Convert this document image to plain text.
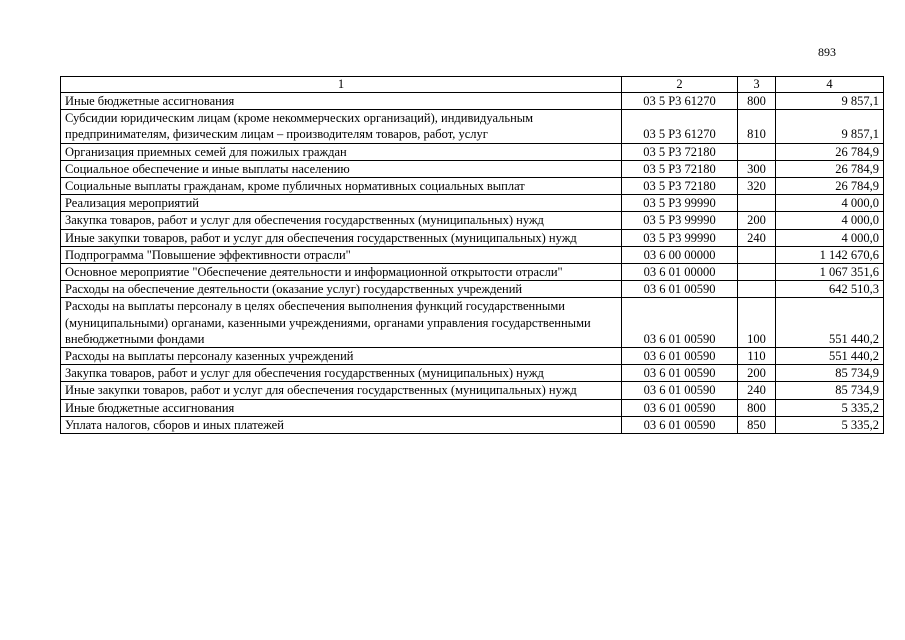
893
1	2	3	4
Иные бюджетные ассигнования	03 5 Р3 61270	800	9 857,1
Субсидии юридическим лицам (кроме некоммерческих организаций), индивидуальным предпринимателям, физическим лицам – производителям товаров, работ, услуг	03 5 Р3 61270	810	9 857,1
Организация приемных семей для пожилых граждан	03 5 Р3 72180		26 784,9
Социальное обеспечение и иные выплаты населению	03 5 Р3 72180	300	26 784,9
Социальные выплаты гражданам, кроме публичных нормативных социальных выплат	03 5 Р3 72180	320	26 784,9
Реализация мероприятий	03 5 Р3 99990		4 000,0
Закупка товаров, работ и услуг для обеспечения государственных (муниципальных) нужд	03 5 Р3 99990	200	4 000,0
Иные закупки товаров, работ и услуг для обеспечения государственных (муниципальных) нужд	03 5 Р3 99990	240	4 000,0
Подпрограмма "Повышение эффективности отрасли"	03 6 00 00000		1 142 670,6
Основное мероприятие "Обеспечение деятельности и информационной открытости отрасли"	03 6 01 00000		1 067 351,6
Расходы на обеспечение деятельности (оказание услуг) государственных учреждений	03 6 01 00590		642 510,3
Расходы на выплаты персоналу в целях обеспечения выполнения функций государственными (муниципальными) органами, казенными учреждениями, органами управления государственными внебюджетными фондами	03 6 01 00590	100	551 440,2
Расходы на выплаты персоналу казенных учреждений	03 6 01 00590	110	551 440,2
Закупка товаров, работ и услуг для обеспечения государственных (муниципальных) нужд	03 6 01 00590	200	85 734,9
Иные закупки товаров, работ и услуг для обеспечения государственных (муниципальных) нужд	03 6 01 00590	240	85 734,9
Иные бюджетные ассигнования	03 6 01 00590	800	5 335,2
Уплата налогов, сборов и иных платежей	03 6 01 00590	850	5 335,2
